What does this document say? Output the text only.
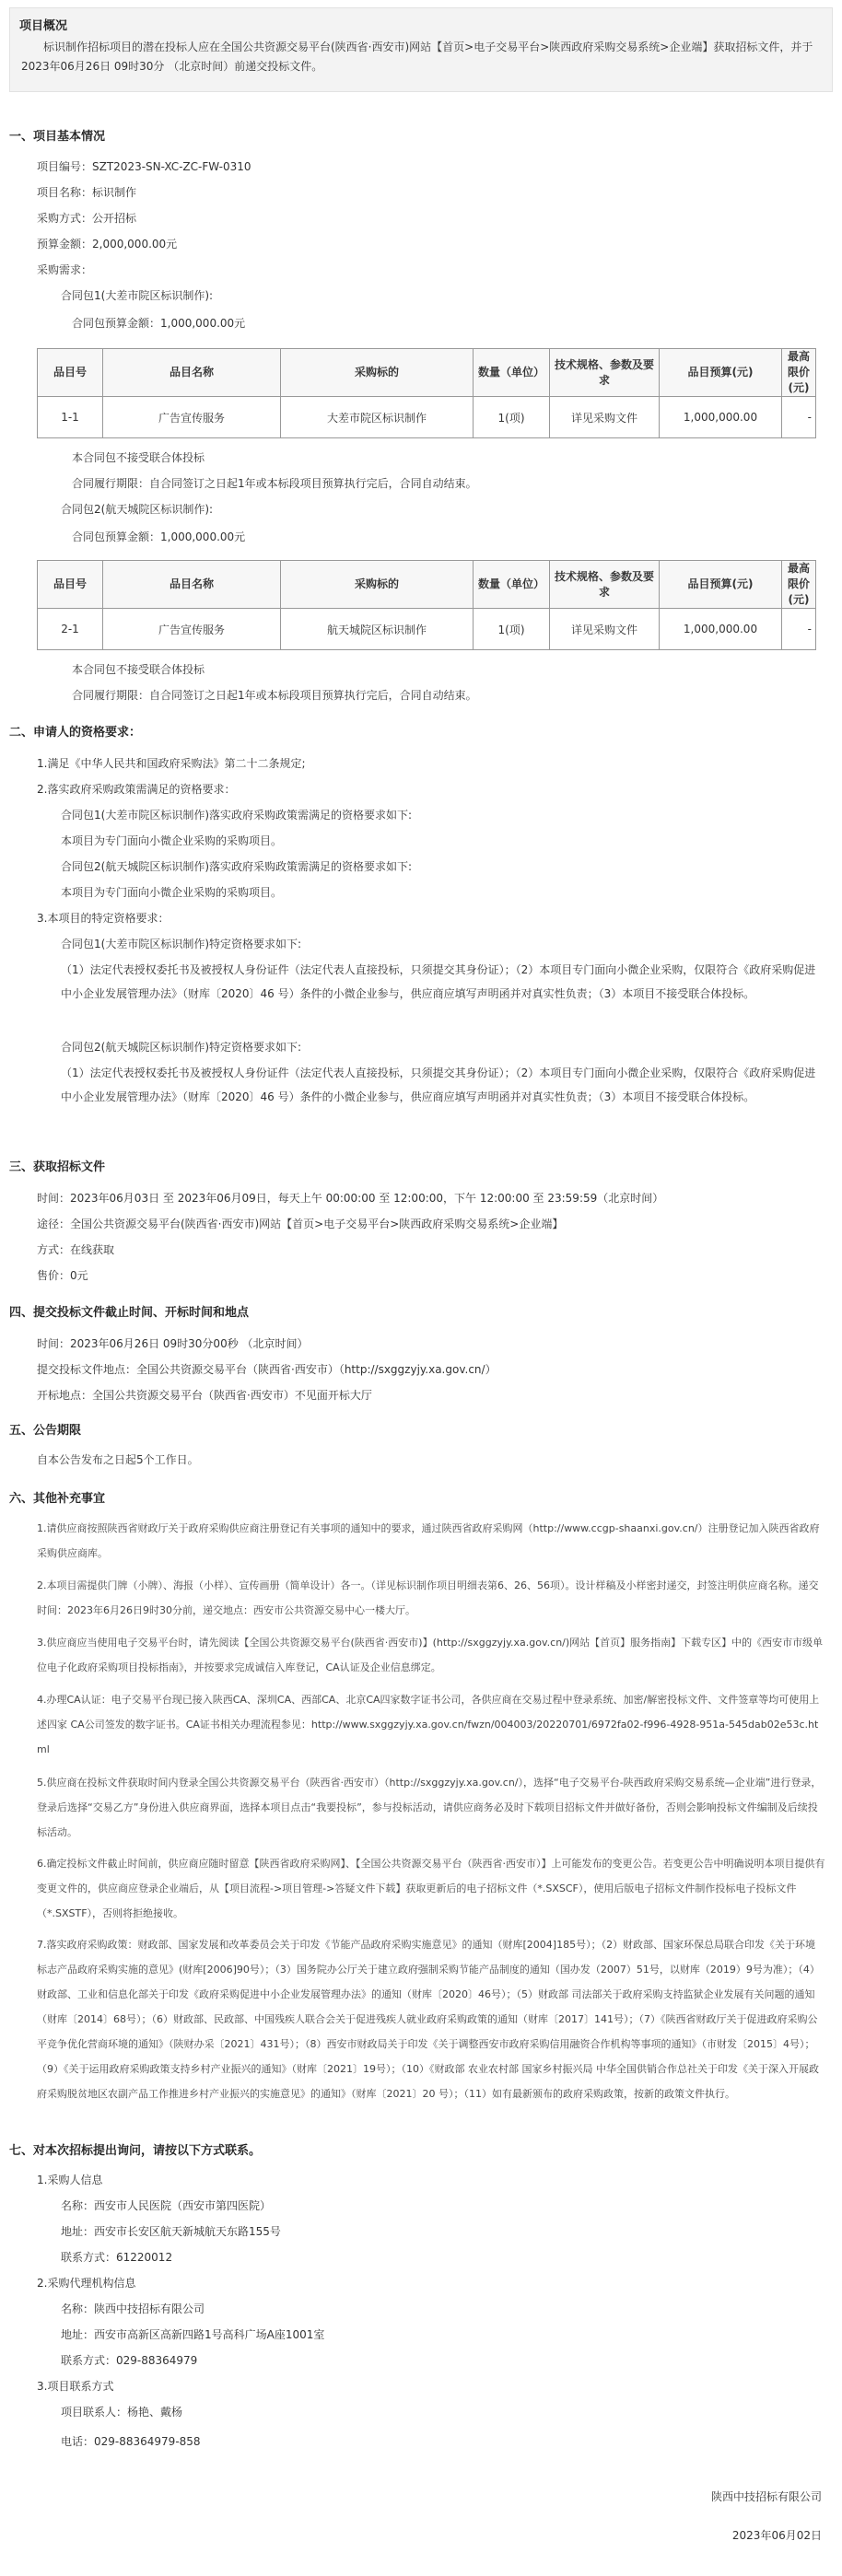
项目概况
标识制作招标项目的潜在投标人应在全国公共资源交易平台(陕西省·西安市)网站【首页>电子交易平台>陕西政府采购交易系统>企业端】获取招标文件，并于 2023年06月26日 09时30分 （北京时间）前递交投标文件。
一、项目基本情况
项目编号：SZT2023-SN-XC-ZC-FW-0310
项目名称：标识制作
采购方式：公开招标
预算金额：2,000,000.00元
采购需求：
合同包1(大差市院区标识制作):
合同包预算金额：1,000,000.00元
品目号	品目名称	采购标的	数量（单位）	技术规格、参数及要求	品目预算(元)	最高限价(元)
1-1	广告宣传服务	大差市院区标识制作	1(项)	详见采购文件	1,000,000.00	-
本合同包不接受联合体投标
合同履行期限：自合同签订之日起1年或本标段项目预算执行完后，合同自动结束。
合同包2(航天城院区标识制作):
合同包预算金额：1,000,000.00元
品目号	品目名称	采购标的	数量（单位）	技术规格、参数及要求	品目预算(元)	最高限价(元)
2-1	广告宣传服务	航天城院区标识制作	1(项)	详见采购文件	1,000,000.00	-
本合同包不接受联合体投标
合同履行期限：自合同签订之日起1年或本标段项目预算执行完后，合同自动结束。
二、申请人的资格要求：
1.满足《中华人民共和国政府采购法》第二十二条规定;
2.落实政府采购政策需满足的资格要求：
合同包1(大差市院区标识制作)落实政府采购政策需满足的资格要求如下:
本项目为专门面向小微企业采购的采购项目。
合同包2(航天城院区标识制作)落实政府采购政策需满足的资格要求如下:
本项目为专门面向小微企业采购的采购项目。
3.本项目的特定资格要求：
合同包1(大差市院区标识制作)特定资格要求如下:
（1）法定代表授权委托书及被授权人身份证件（法定代表人直接投标，只须提交其身份证）；（2）本项目专门面向小微企业采购，仅限符合《政府采购促进中小企业发展管理办法》（财库〔2020〕46 号）条件的小微企业参与，供应商应填写声明函并对真实性负责；（3）本项目不接受联合体投标。
合同包2(航天城院区标识制作)特定资格要求如下:
（1）法定代表授权委托书及被授权人身份证件（法定代表人直接投标，只须提交其身份证）；（2）本项目专门面向小微企业采购，仅限符合《政府采购促进中小企业发展管理办法》（财库〔2020〕46 号）条件的小微企业参与，供应商应填写声明函并对真实性负责；（3）本项目不接受联合体投标。
三、获取招标文件
时间：2023年06月03日 至 2023年06月09日，每天上午 00:00:00 至 12:00:00，下午 12:00:00 至 23:59:59（北京时间）
途径：全国公共资源交易平台(陕西省·西安市)网站【首页>电子交易平台>陕西政府采购交易系统>企业端】
方式：在线获取
售价：0元
四、提交投标文件截止时间、开标时间和地点
时间：2023年06月26日 09时30分00秒 （北京时间）
提交投标文件地点：全国公共资源交易平台（陕西省·西安市）（http://sxggzyjy.xa.gov.cn/）
开标地点：全国公共资源交易平台（陕西省·西安市）不见面开标大厅
五、公告期限
自本公告发布之日起5个工作日。
六、其他补充事宜
1.请供应商按照陕西省财政厅关于政府采购供应商注册登记有关事项的通知中的要求，通过陕西省政府采购网（http://www.ccgp-shaanxi.gov.cn/）注册登记加入陕西省政府采购供应商库。
2.本项目需提供门牌（小牌）、海报（小样）、宣传画册（简单设计）各一。（详见标识制作项目明细表第6、26、56项）。设计样稿及小样密封递交，封签注明供应商名称。递交时间：2023年6月26日9时30分前，递交地点：西安市公共资源交易中心一楼大厅。
3.供应商应当使用电子交易平台时，请先阅读【全国公共资源交易平台(陕西省·西安市)】(http://sxggzyjy.xa.gov.cn/)网站【首页】服务指南】下载专区】中的《西安市市级单位电子化政府采购项目投标指南》，并按要求完成诚信入库登记，CA认证及企业信息绑定。
4.办理CA认证：电子交易平台现已接入陕西CA、深圳CA、西部CA、北京CA四家数字证书公司，各供应商在交易过程中登录系统、加密/解密投标文件、文件签章等均可使用上述四家 CA公司签发的数字证书。CA证书相关办理流程参见：http://www.sxggzyjy.xa.gov.cn/fwzn/004003/20220701/6972fa02-f996-4928-951a-545dab02e53c.html
5.供应商在投标文件获取时间内登录全国公共资源交易平台（陕西省·西安市）（http://sxggzyjy.xa.gov.cn/），选择“电子交易平台-陕西政府采购交易系统—企业端”进行登录，登录后选择“交易乙方”身份进入供应商界面，选择本项目点击“我要投标”，参与投标活动，请供应商务必及时下载项目招标文件并做好备份，否则会影响投标文件编制及后续投标活动。
6.确定投标文件截止时间前，供应商应随时留意【陕西省政府采购网】、【全国公共资源交易平台（陕西省·西安市）】上可能发布的变更公告。若变更公告中明确说明本项目提供有变更文件的，供应商应登录企业端后，从【项目流程->项目管理->答疑文件下载】获取更新后的电子招标文件（*.SXSCF），使用后版电子招标文件制作投标电子投标文件（*.SXSTF），否则将拒绝接收。
7.落实政府采购政策：财政部、国家发展和改革委员会关于印发《节能产品政府采购实施意见》的通知（财库[2004]185号）；（2）财政部、国家环保总局联合印发《关于环境标志产品政府采购实施的意见》(财库[2006]90号）；（3）国务院办公厅关于建立政府强制采购节能产品制度的通知（国办发（2007）51号，以财库（2019）9号为准）；（4）财政部、工业和信息化部关于印发《政府采购促进中小企业发展管理办法》的通知（财库〔2020〕46号）；（5）财政部 司法部关于政府采购支持监狱企业发展有关问题的通知（财库〔2014〕68号）；（6）财政部、民政部、中国残疾人联合会关于促进残疾人就业政府采购政策的通知（财库〔2017〕141号）；（7）《陕西省财政厅关于促进政府采购公平竞争优化营商环境的通知》（陕财办采〔2021〕431号）；（8）西安市财政局关于印发《关于调整西安市政府采购信用融资合作机构等事项的通知》（市财发〔2015〕4号）；（9）《关于运用政府采购政策支持乡村产业振兴的通知》（财库〔2021〕19号）；（10）《财政部 农业农村部 国家乡村振兴局 中华全国供销合作总社关于印发《关于深入开展政府采购脱贫地区农副产品工作推进乡村产业振兴的实施意见》的通知》（财库〔2021〕20 号）；（11）如有最新颁布的政府采购政策，按新的政策文件执行。
七、对本次招标提出询问，请按以下方式联系。
1.采购人信息
名称：西安市人民医院（西安市第四医院）
地址：西安市长安区航天新城航天东路155号
联系方式：61220012
2.采购代理机构信息
名称：陕西中技招标有限公司
地址：西安市高新区高新四路1号高科广场A座1001室
联系方式：029-88364979
3.项目联系方式
项目联系人：杨艳、戴杨
电话：029-88364979-858
陕西中技招标有限公司
2023年06月02日
